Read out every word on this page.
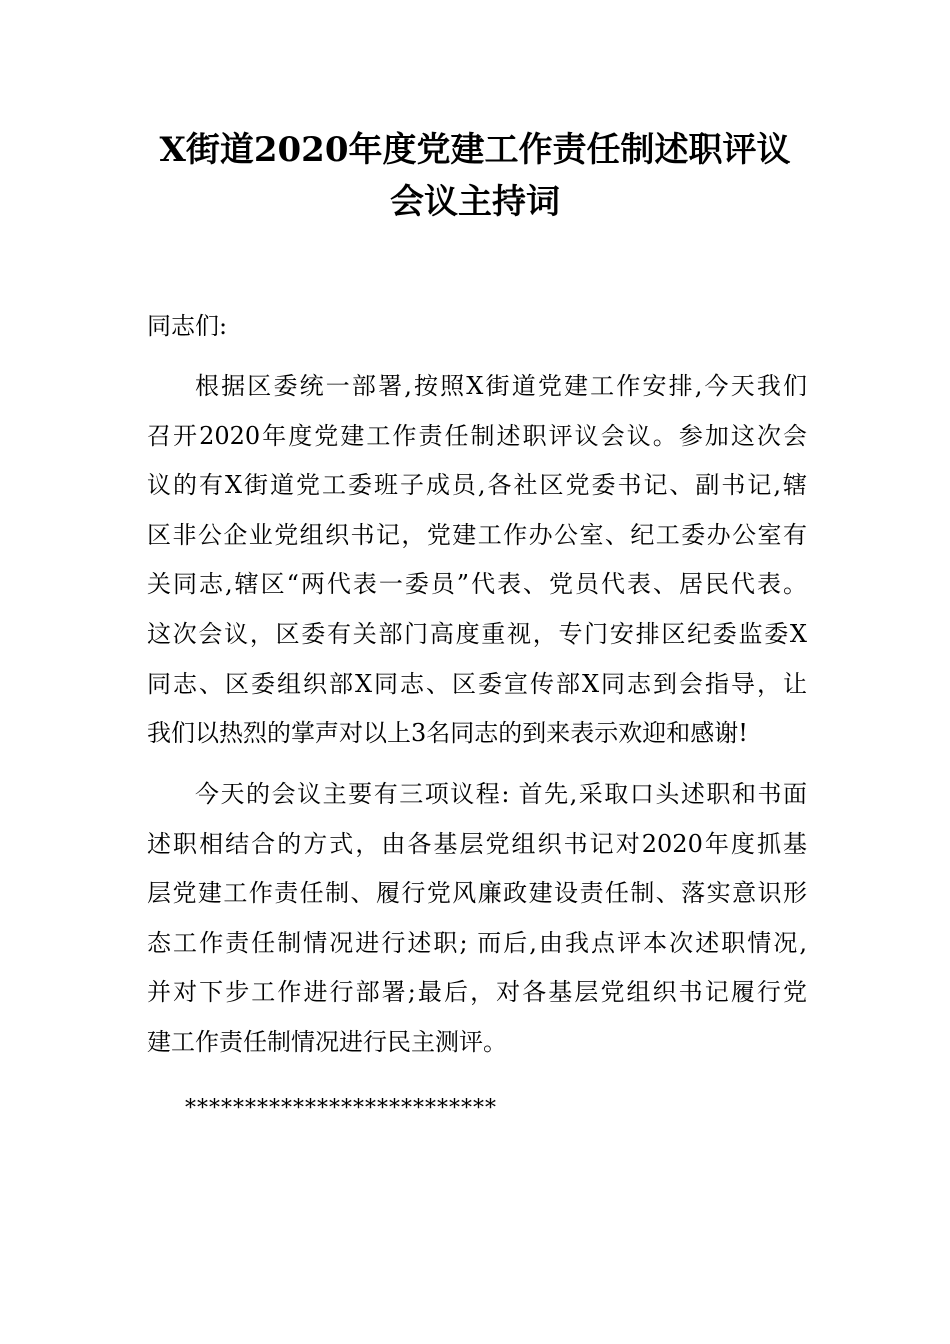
X街道2020年度党建工作责任制述职评议
会议主持词

同志们:

根据区委统一部署,按照X街道党建工作安排,今天我们
召开2020年度党建工作责任制述职评议会议。参加这次会
议的有X街道党工委班子成员,各社区党委书记、副书记,辖
区非公企业党组织书记，党建工作办公室、纪工委办公室有
关同志,辖区“两代表一委员”代表、党员代表、居民代表。
这次会议，区委有关部门高度重视，专门安排区纪委监委X
同志、区委组织部X同志、区委宣传部X同志到会指导，让
我们以热烈的掌声对以上3名同志的到来表示欢迎和感谢!
今天的会议主要有三项议程: 首先,采取口头述职和书面
述职相结合的方式，由各基层党组织书记对2020年度抓基
层党建工作责任制、履行党风廉政建设责任制、落实意识形
态工作责任制情况进行述职; 而后,由我点评本次述职情况,
并对下步工作进行部署;最后，对各基层党组织书记履行党
建工作责任制情况进行民主测评。

**************************
